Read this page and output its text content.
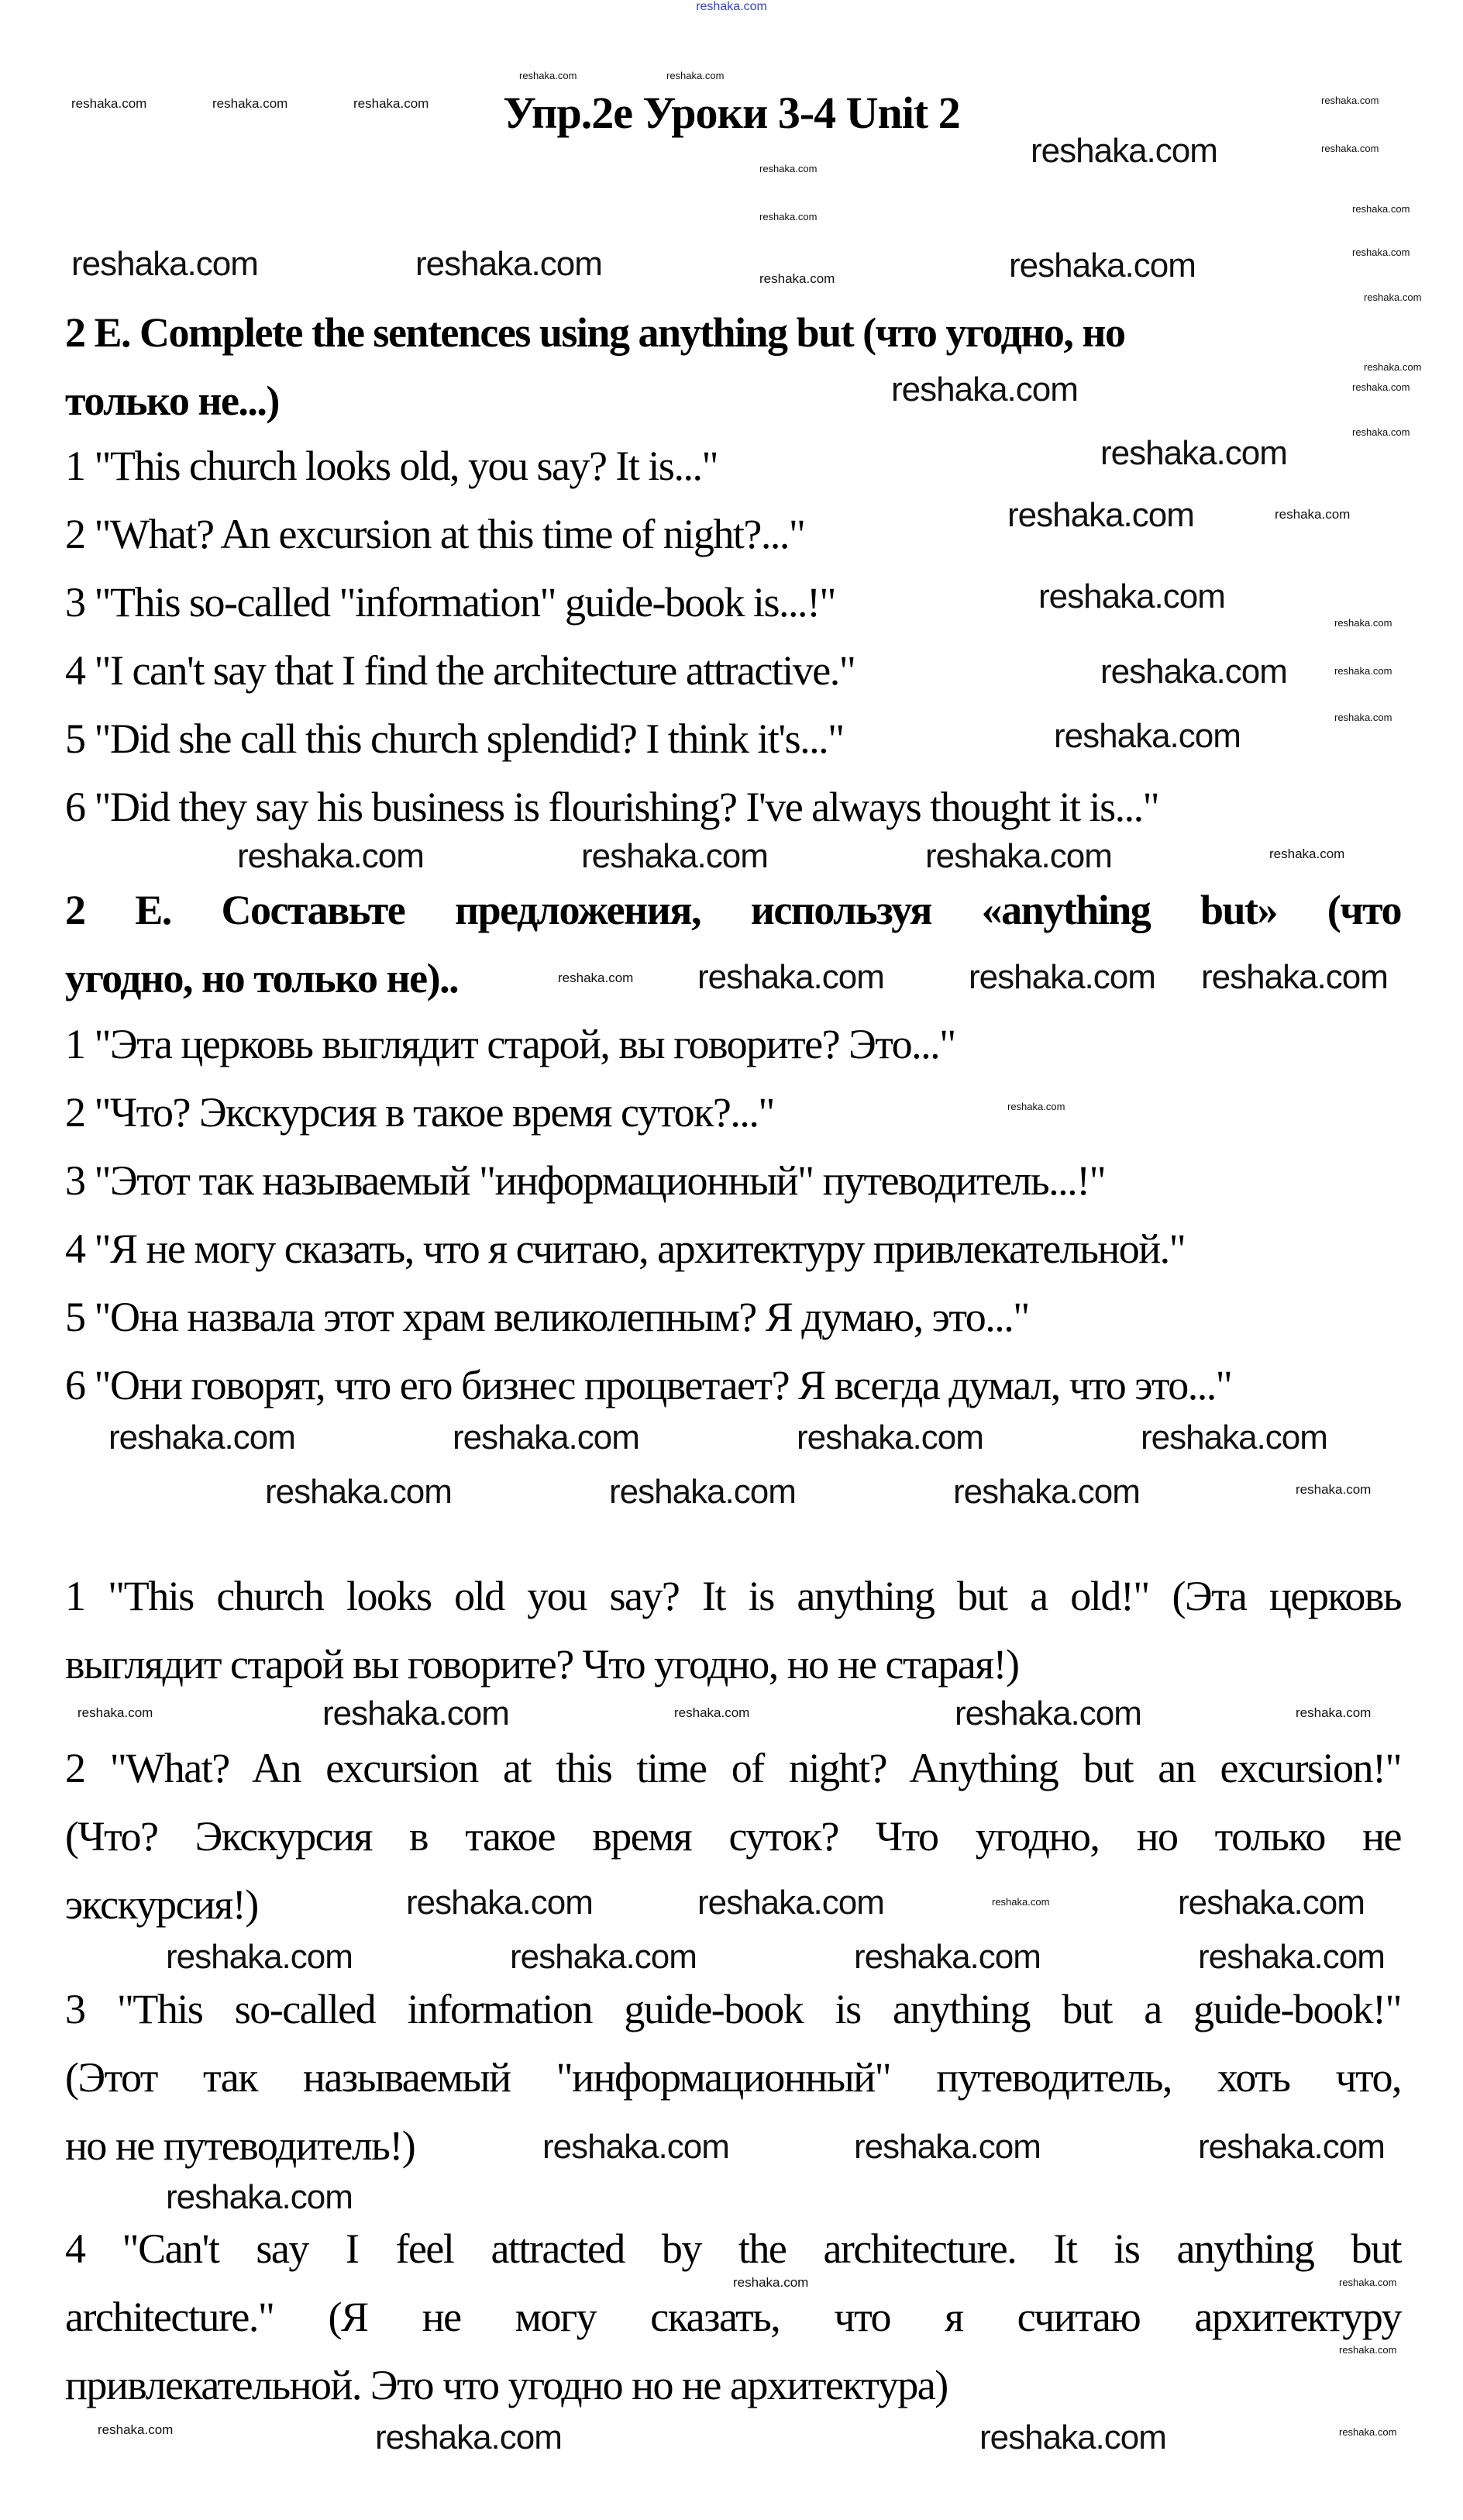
reshaka.com
Упр.2е Уроки 3-4 Unit 2
2 E. Complete the sentences using anything but (что угодно, но
только не...)
1 "This church looks old, you say? It is..."
2 "What? An excursion at this time of night?..."
3 "This so-called "information" guide-book is...!"
4 "I can't say that I find the architecture attractive."
5 "Did she call this church splendid? I think it's..."
6 "Did they say his business is flourishing? I've always thought it is..."
2 Е. Составьте предложения, используя «anything but» (что
угодно, но только не)..
1 "Эта церковь выглядит старой, вы говорите? Это..."
2 "Что? Экскурсия в такое время суток?..."
3 "Этот так называемый "информационный" путеводитель...!"
4 "Я не могу сказать, что я считаю, архитектуру привлекательной."
5 "Она назвала этот храм великолепным? Я думаю, это..."
6 "Они говорят, что его бизнес процветает? Я всегда думал, что это..."
1 "This church looks old you say? It is anything but a old!" (Эта церковь
выглядит старой вы говорите? Что угодно, но не старая!)
2 "What? An excursion at this time of night? Anything but an excursion!"
(Что? Экскурсия в такое время суток? Что угодно, но только не
экскурсия!)
3 "This so-called information guide-book is anything but a guide-book!"
(Этот так называемый "информационный" путеводитель, хоть что,
но не путеводитель!)
4 "Can't say I feel attracted by the architecture. It is anything but
architecture." (Я не могу сказать, что я считаю архитектуру
привлекательной. Это что угодно но не архитектура)
reshaka.com	reshaka.com	reshaka.com
reshaka.com	reshaka.com
reshaka.com
reshaka.com
reshaka.com
reshaka.com
reshaka.com
reshaka.com
reshaka.com
reshaka.com
reshaka.com
reshaka.com
reshaka.com
reshaka.com	reshaka.com	reshaka.com	reshaka.com
reshaka.com
reshaka.com
reshaka.com	reshaka.com
reshaka.com
reshaka.com
reshaka.com
reshaka.com
reshaka.com
reshaka.com
reshaka.com	reshaka.com	reshaka.com	reshaka.com
reshaka.com reshaka.com reshaka.com reshaka.com
reshaka.com
reshaka.com	reshaka.com	reshaka.com	reshaka.com
reshaka.com	reshaka.com	reshaka.com
reshaka.com
reshaka.com	reshaka.com	reshaka.com	reshaka.com	reshaka.com
reshaka.com	reshaka.com	reshaka.com	reshaka.com
reshaka.com	reshaka.com	reshaka.com	reshaka.com
reshaka.com	reshaka.com	reshaka.com
reshaka.com
reshaka.com	reshaka.com
reshaka.com	reshaka.com	reshaka.com
reshaka.com
reshaka.com
